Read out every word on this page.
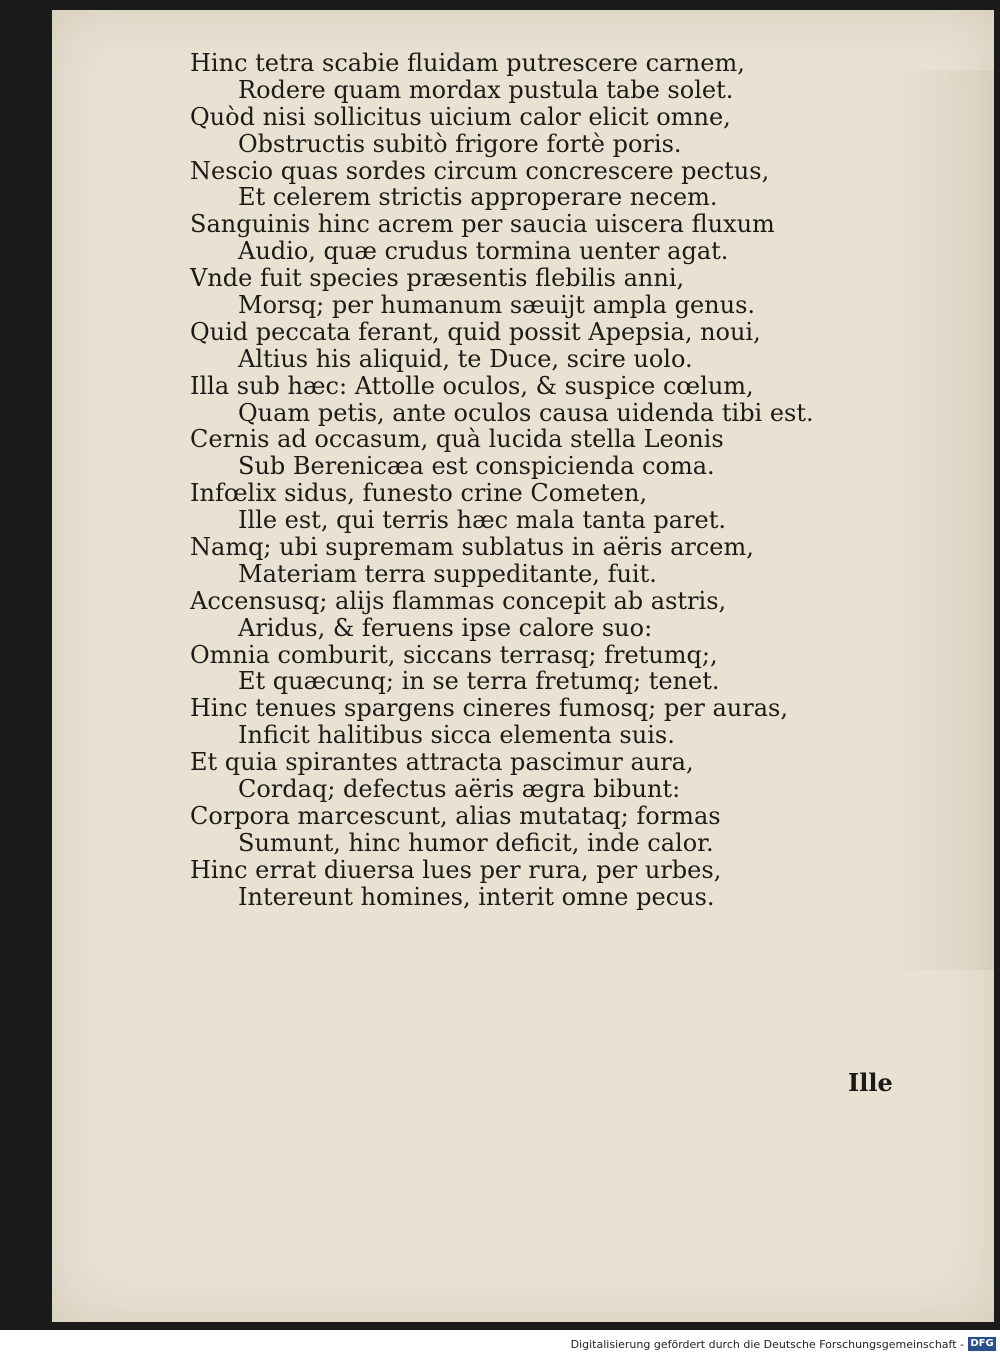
Hinc tetra scabie fluidam putrescere carnem,
Rodere quam mordax pustula tabe solet.
Quòd nisi sollicitus uicium calor elicit omne,
Obstructis subitò frigore fortè poris.
Nescio quas sordes circum concrescere pectus,
Et celerem strictis approperare necem.
Sanguinis hinc acrem per saucia uiscera fluxum
Audio, quæ crudus tormina uenter agat.
Vnde fuit species præsentis flebilis anni,
Morsq; per humanum sæuijt ampla genus.
Quid peccata ferant, quid possit Apepsia, noui,
Altius his aliquid, te Duce, scire uolo.
Illa sub hæc: Attolle oculos, & suspice cœlum,
Quam petis, ante oculos causa uidenda tibi est.
Cernis ad occasum, quà lucida stella Leonis
Sub Berenicæa est conspicienda coma.
Infœlix sidus, funesto crine Cometen,
Ille est, qui terris hæc mala tanta paret.
Namq; ubi supremam sublatus in aëris arcem,
Materiam terra suppeditante, fuit.
Accensusq; alijs flammas concepit ab astris,
Aridus, & feruens ipse calore suo:
Omnia comburit, siccans terrasq; fretumq;,
Et quæcunq; in se terra fretumq; tenet.
Hinc tenues spargens cineres fumosq; per auras,
Inficit halitibus sicca elementa suis.
Et quia spirantes attracta pascimur aura,
Cordaq; defectus aëris ægra bibunt:
Corpora marcescunt, alias mutataq; formas
Sumunt, hinc humor deficit, inde calor.
Hinc errat diuersa lues per rura, per urbes,
Intereunt homines, interit omne pecus.
Ille
Digitalisierung gefördert durch die Deutsche Forschungsgemeinschaft - DFG
